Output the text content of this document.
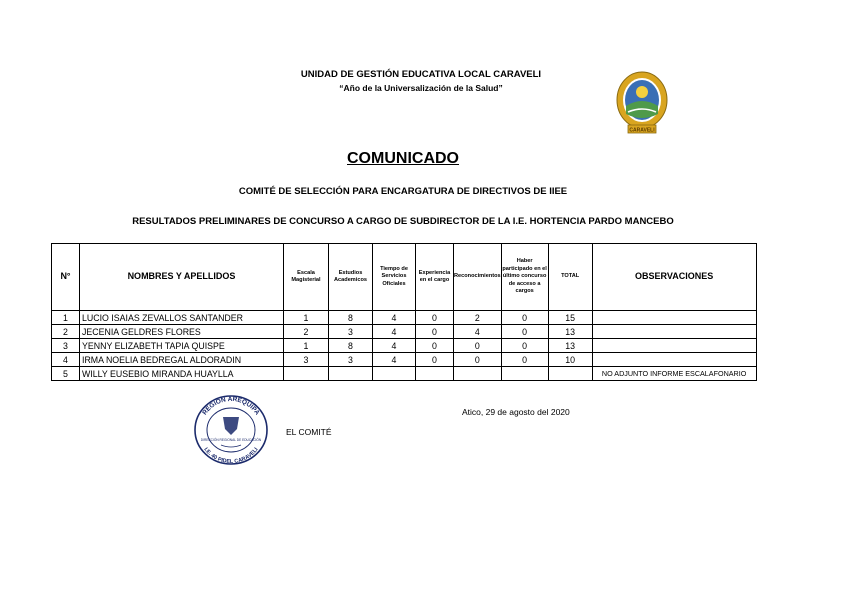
UNIDAD DE GESTIÓN EDUCATIVA LOCAL CARAVELI
“Año de la Universalización de la Salud”
CARAVELI
COMUNICADO
COMITÉ DE SELECCIÓN PARA ENCARGATURA DE DIRECTIVOS DE IIEE
RESULTADOS PRELIMINARES DE CONCURSO A CARGO DE SUBDIRECTOR DE LA I.E. HORTENCIA PARDO MANCEBO
N°	NOMBRES Y APELLIDOS	Escala Magisterial	Estudios Academicos	Tiempo de Servicios Oficiales	Experiencia en el cargo	Reconocimientos	Haber participado en el último concurso de acceso a cargos	TOTAL	OBSERVACIONES
1	LUCIO ISAIAS ZEVALLOS SANTANDER	1	8	4	0	2	0	15	
2	JECENIA GELDRES FLORES	2	3	4	0	4	0	13	
3	YENNY ELIZABETH TAPIA QUISPE	1	8	4	0	0	0	13	
4	IRMA NOELIA BEDREGAL ALDORADIN	3	3	4	0	0	0	10	
5	WILLY EUSEBIO MIRANDA HUAYLLA								NO ADJUNTO INFORME ESCALAFONARIO
REGION AREQUIPA
I.E. 40 PIDEL CARAVELI
DIRECCIÓN REGIONAL DE EDUCACIÓN
Atico, 29 de agosto del 2020
EL COMITÉ
